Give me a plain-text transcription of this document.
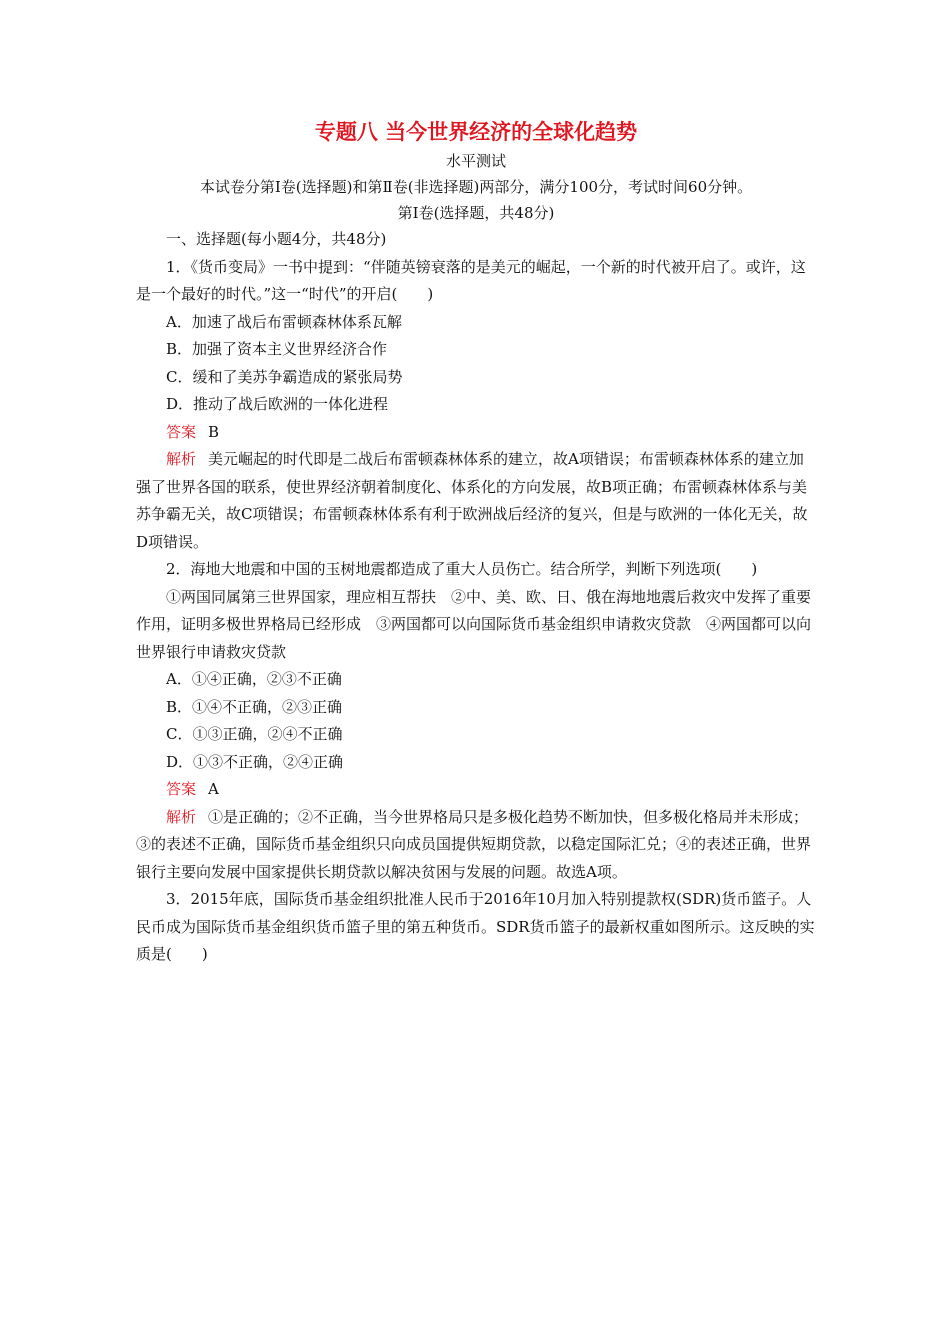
专题八 当今世界经济的全球化趋势
水平测试
本试卷分第Ⅰ卷(选择题)和第Ⅱ卷(非选择题)两部分，满分100分，考试时间60分钟。
第Ⅰ卷(选择题，共48分)

一、选择题(每小题4分，共48分)

1．《货币变局》一书中提到：“伴随英镑衰落的是美元的崛起，一个新的时代被开启了。或许，这是一个最好的时代。”这一“时代”的开启(　　)

A．加速了战后布雷顿森林体系瓦解

B．加强了资本主义世界经济合作

C．缓和了美苏争霸造成的紧张局势

D．推动了战后欧洲的一体化进程

答案 B

解析 美元崛起的时代即是二战后布雷顿森林体系的建立，故A项错误；布雷顿森林体系的建立加强了世界各国的联系，使世界经济朝着制度化、体系化的方向发展，故B项正确；布雷顿森林体系与美苏争霸无关，故C项错误；布雷顿森林体系有利于欧洲战后经济的复兴，但是与欧洲的一体化无关，故D项错误。

2．海地大地震和中国的玉树地震都造成了重大人员伤亡。结合所学，判断下列选项(　　)

①两国同属第三世界国家，理应相互帮扶　②中、美、欧、日、俄在海地地震后救灾中发挥了重要作用，证明多极世界格局已经形成　③两国都可以向国际货币基金组织申请救灾贷款　④两国都可以向世界银行申请救灾贷款

A．①④正确，②③不正确

B．①④不正确，②③正确

C．①③正确，②④不正确

D．①③不正确，②④正确

答案 A

解析 ①是正确的；②不正确，当今世界格局只是多极化趋势不断加快，但多极化格局并未形成；③的表述不正确，国际货币基金组织只向成员国提供短期贷款，以稳定国际汇兑；④的表述正确，世界银行主要向发展中国家提供长期贷款以解决贫困与发展的问题。故选A项。

3．2015年底，国际货币基金组织批准人民币于2016年10月加入特别提款权(SDR)货币篮子。人民币成为国际货币基金组织货币篮子里的第五种货币。SDR货币篮子的最新权重如图所示。这反映的实质是(　　)
